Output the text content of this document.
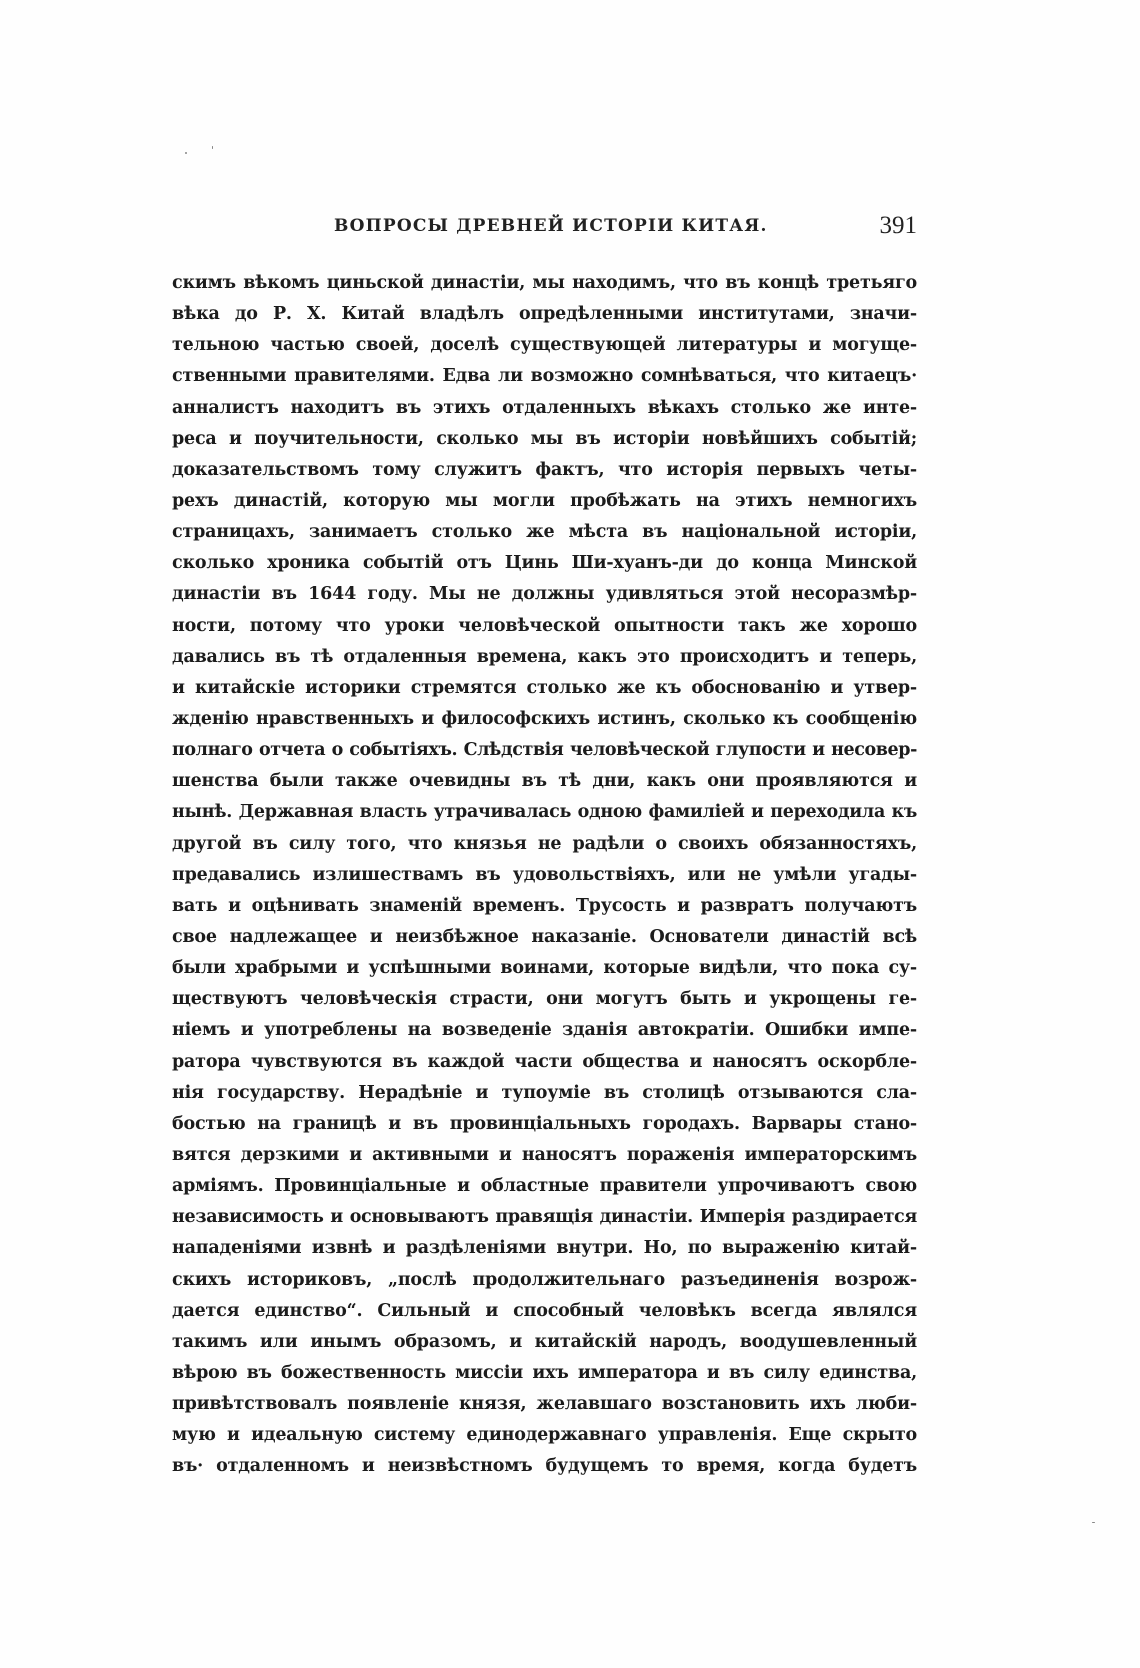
ВОПРОСЫ ДРЕВНЕЙ ИСТОРІИ КИТАЯ.	391
скимъ вѣкомъ циньской династіи, мы находимъ, что въ концѣ третьяго
вѣка до Р. Х. Китай владѣлъ опредѣленными институтами, значи-
тельною частью своей, доселѣ существующей литературы и могуще-
ственными правителями. Едва ли возможно сомнѣваться, что китаецъ·
анналистъ находитъ въ этихъ отдаленныхъ вѣкахъ столько же инте-
реса и поучительности, сколько мы въ исторіи новѣйшихъ событій;
доказательствомъ тому служитъ фактъ, что исторія первыхъ четы-
рехъ династій, которую мы могли пробѣжать на этихъ немногихъ
страницахъ, занимаетъ столько же мѣста въ національной исторіи,
сколько хроника событій отъ Цинь Ши-хуанъ-ди до конца Минской
династіи въ 1644 году. Мы не должны удивляться этой несоразмѣр-
ности, потому что уроки человѣческой опытности такъ же хорошо
давались въ тѣ отдаленныя времена, какъ это происходитъ и теперь,
и китайскіе историки стремятся столько же къ обоснованію и утвер-
жденію нравственныхъ и философскихъ истинъ, сколько къ сообщенію
полнаго отчета о событіяхъ. Слѣдствія человѣческой глупости и несовер-
шенства были также очевидны въ тѣ дни, какъ они проявляются и
нынѣ. Державная власть утрачивалась одною фамиліей и переходила къ
другой въ силу того, что князья не радѣли о своихъ обязанностяхъ,
предавались излишествамъ въ удовольствіяхъ, или не умѣли угады-
вать и оцѣнивать знаменій временъ. Трусость и развратъ получаютъ
свое надлежащее и неизбѣжное наказаніе. Основатели династій всѣ
были храбрыми и успѣшными воинами, которые видѣли, что пока су-
ществуютъ человѣческія страсти, они могутъ быть и укрощены ге-
ніемъ и употреблены на возведеніе зданія автократіи. Ошибки импе-
ратора чувствуются въ каждой части общества и наносятъ оскорбле-
нія государству. Нерадѣніе и тупоуміе въ столицѣ отзываются сла-
бостью на границѣ и въ провинціальныхъ городахъ. Варвары стано-
вятся дерзкими и активными и наносятъ пораженія императорскимъ
арміямъ. Провинціальные и областные правители упрочиваютъ свою
независимость и основываютъ правящія династіи. Имперія раздирается
нападеніями извнѣ и раздѣленіями внутри. Но, по выраженію китай-
скихъ историковъ, „послѣ продолжительнаго разъединенія возрож-
дается единство“. Сильный и способный человѣкъ всегда являлся
такимъ или инымъ образомъ, и китайскій народъ, воодушевленный
вѣрою въ божественность миссіи ихъ императора и въ силу единства,
привѣтствовалъ появленіе князя, желавшаго возстановить ихъ люби-
мую и идеальную систему единодержавнаго управленія. Еще скрыто
въ· отдаленномъ и неизвѣстномъ будущемъ то время, когда будетъ
